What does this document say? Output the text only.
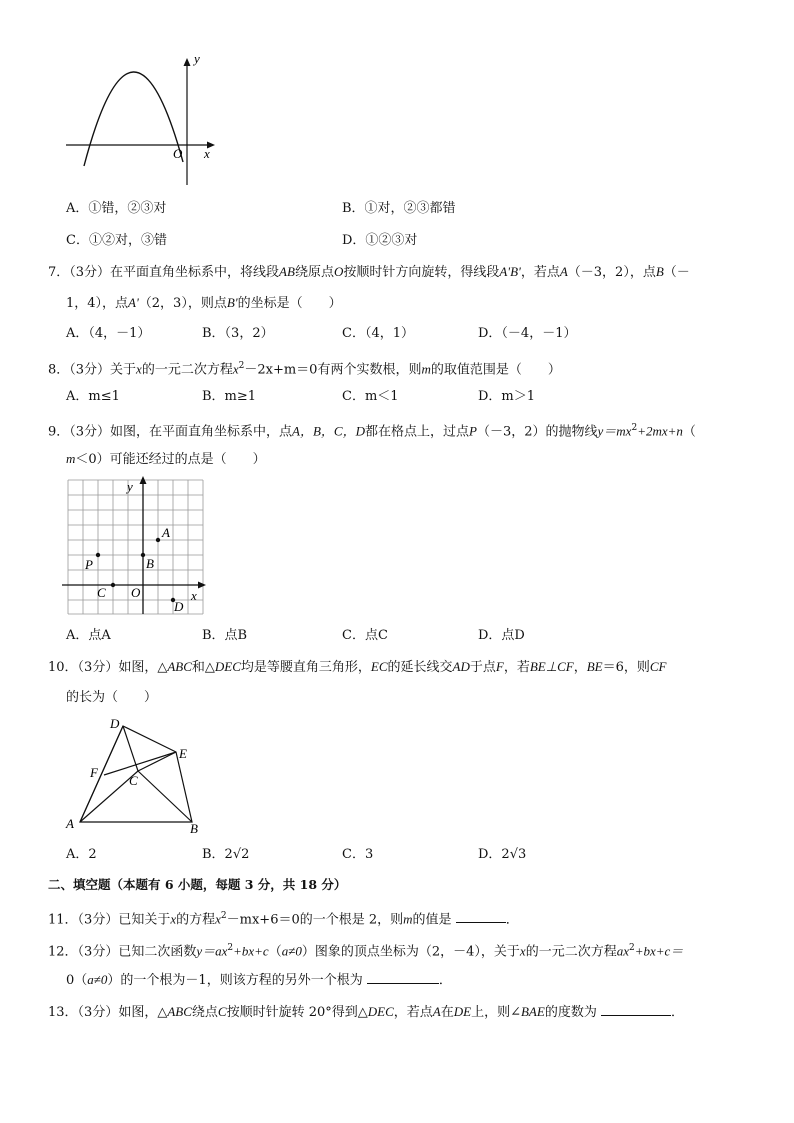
y
x
O
A．①错，②③对	B．①对，②③都错
C．①②对，③错	D．①②③对
7．（3分）在平面直角坐标系中，将线段AB绕原点O按顺时针方向旋转，得线段A'B'，若点A（－3，2），点B（－
1，4），点A'（2，3），则点B'的坐标是（　　）
A．（4，－1）	B．（3，2）	C．（4，1）	D．（－4，－1）
8．（3分）关于x的一元二次方程$x^2-2x+m=0$有两个实数根，则m的取值范围是（　　）
A．m≤1	B．m≥1	C．m＜1	D．m＞1
9．（3分）如图，在平面直角坐标系中，点A，B，C，D都在格点上，过点P（－3，2）的抛物线$y=mx^2+2mx+n$（
m＜0）可能还经过的点是（　　）
y
x
O
A
B
C
D
P
A．点A	B．点B	C．点C	D．点D
10．（3分）如图，△ABC和△DEC均是等腰直角三角形，EC的延长线交AD于点F，若BE⊥CF，BE＝6，则CF
的长为（　　）
A	B
C
D
E
F
A．2	B．2√2	C．3	D．2√3
二、填空题（本题有 6 小题，每题 3 分，共 18 分）
11．（3分）已知关于x的方程$x^2-mx+6=0$的一个根是 2，则m的值是	．
12．（3分）已知二次函数$y=ax^2+bx+c(a\ne 0)$图象的顶点坐标为（2，－4），关于x的一元二次方程$ax^2+bx+c=$
0（a≠0）的一个根为－1，则该方程的另外一个根为	．
13．（3分）如图，△ABC绕点C按顺时针旋转 20°得到△DEC，若点A在DE上，则∠BAE的度数为	．
